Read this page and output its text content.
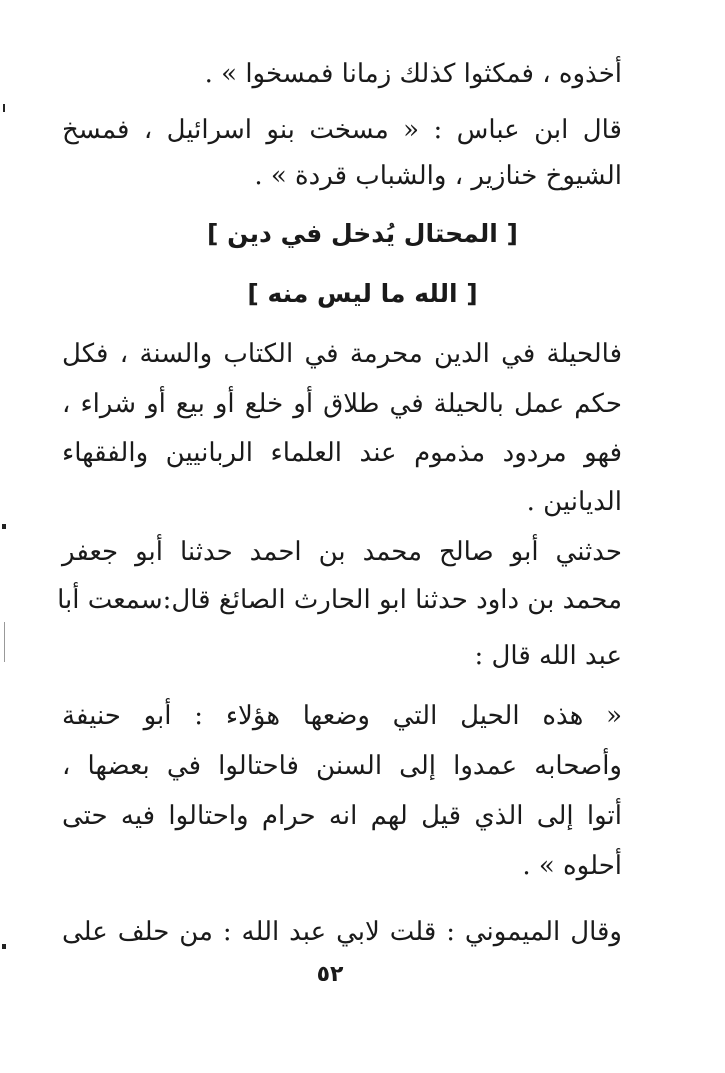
أخذوه ، فمكثوا كذلك زمانا فمسخوا » .
قال ابن عباس : « مسخت بنو اسرائيل ، فمسخ
الشيوخ خنازير ، والشباب قردة » .
فالحيلة في الدين محرمة في الكتاب والسنة ، فكل
حكم عمل بالحيلة في طلاق أو خلع أو بيع أو شراء ،
فهو مردود مذموم عند العلماء الربانيين والفقهاء
الديانين .
حدثني أبو صالح محمد بن احمد حدثنا أبو جعفر
محمد بن داود حدثنا ابو الحارث الصائغ قال:سمعت أبا
عبد الله قال :
« هذه الحيل التي وضعها هؤلاء : أبو حنيفة
وأصحابه عمدوا إلى السنن فاحتالوا في بعضها ،
أتوا إلى الذي قيل لهم انه حرام واحتالوا فيه حتى
أحلوه » .
وقال الميموني : قلت لابي عبد الله : من حلف على
[ المحتال يُدخل في دين ]
[ الله ما ليس منه ]
٥٢
